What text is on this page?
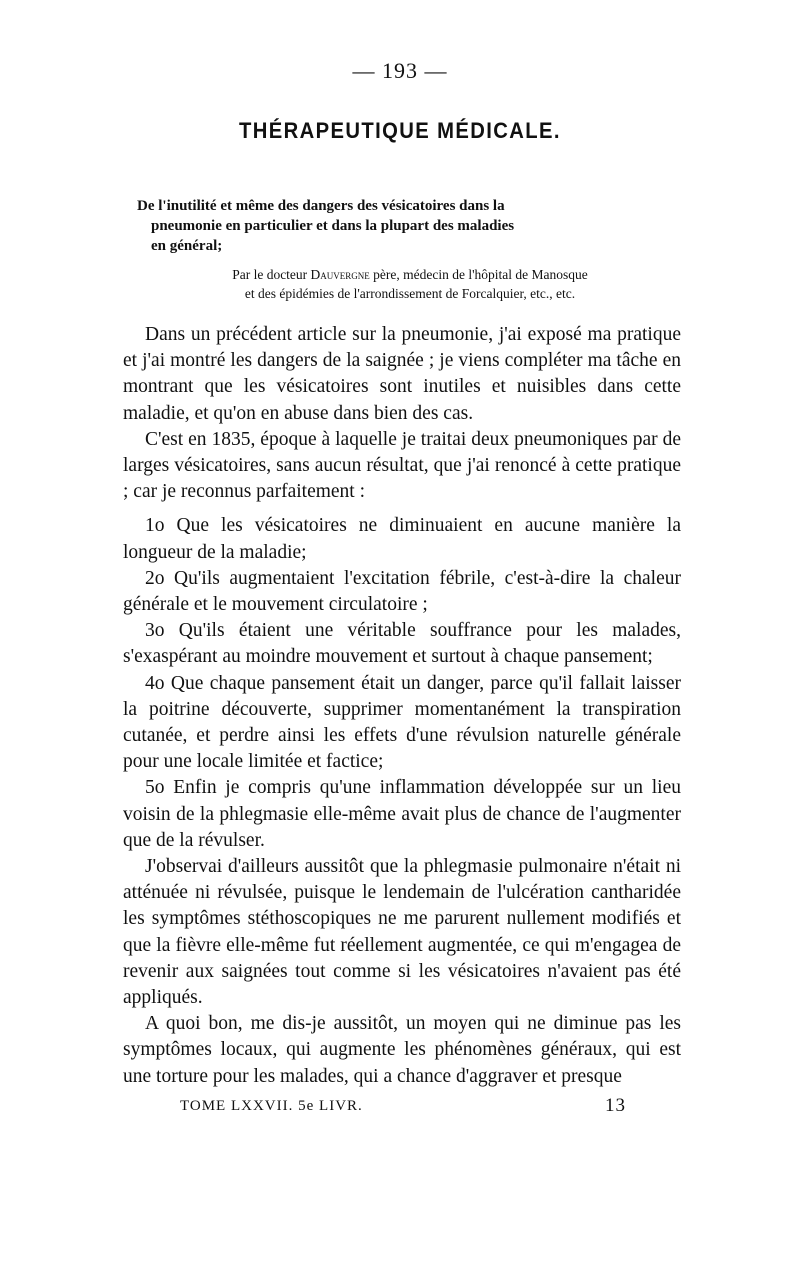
— 193 —
THÉRAPEUTIQUE MÉDICALE.
De l'inutilité et même des dangers des vésicatoires dans la
pneumonie en particulier et dans la plupart des maladies
en général;
Par le docteur Dauvergne père, médecin de l'hôpital de Manosque
et des épidémies de l'arrondissement de Forcalquier, etc., etc.

Dans un précédent article sur la pneumonie, j'ai exposé ma pratique et j'ai montré les dangers de la saignée ; je viens compléter ma tâche en montrant que les vésicatoires sont inutiles et nuisibles dans cette maladie, et qu'on en abuse dans bien des cas.

C'est en 1835, époque à laquelle je traitai deux pneumoniques par de larges vésicatoires, sans aucun résultat, que j'ai renoncé à cette pratique ; car je reconnus parfaitement :

1o Que les vésicatoires ne diminuaient en aucune manière la longueur de la maladie;

2o Qu'ils augmentaient l'excitation fébrile, c'est-à-dire la chaleur générale et le mouvement circulatoire ;

3o Qu'ils étaient une véritable souffrance pour les malades, s'exaspérant au moindre mouvement et surtout à chaque pansement;

4o Que chaque pansement était un danger, parce qu'il fallait laisser la poitrine découverte, supprimer momentanément la transpiration cutanée, et perdre ainsi les effets d'une révulsion naturelle générale pour une locale limitée et factice;

5o Enfin je compris qu'une inflammation développée sur un lieu voisin de la phlegmasie elle-même avait plus de chance de l'augmenter que de la révulser.

J'observai d'ailleurs aussitôt que la phlegmasie pulmonaire n'était ni atténuée ni révulsée, puisque le lendemain de l'ulcération cantharidée les symptômes stéthoscopiques ne me parurent nullement modifiés et que la fièvre elle-même fut réellement augmentée, ce qui m'engagea de revenir aux saignées tout comme si les vésicatoires n'avaient pas été appliqués.

A quoi bon, me dis-je aussitôt, un moyen qui ne diminue pas les symptômes locaux, qui augmente les phénomènes généraux, qui est une torture pour les malades, qui a chance d'aggraver et presque

TOME LXXVII. 5e LIVR.	13
